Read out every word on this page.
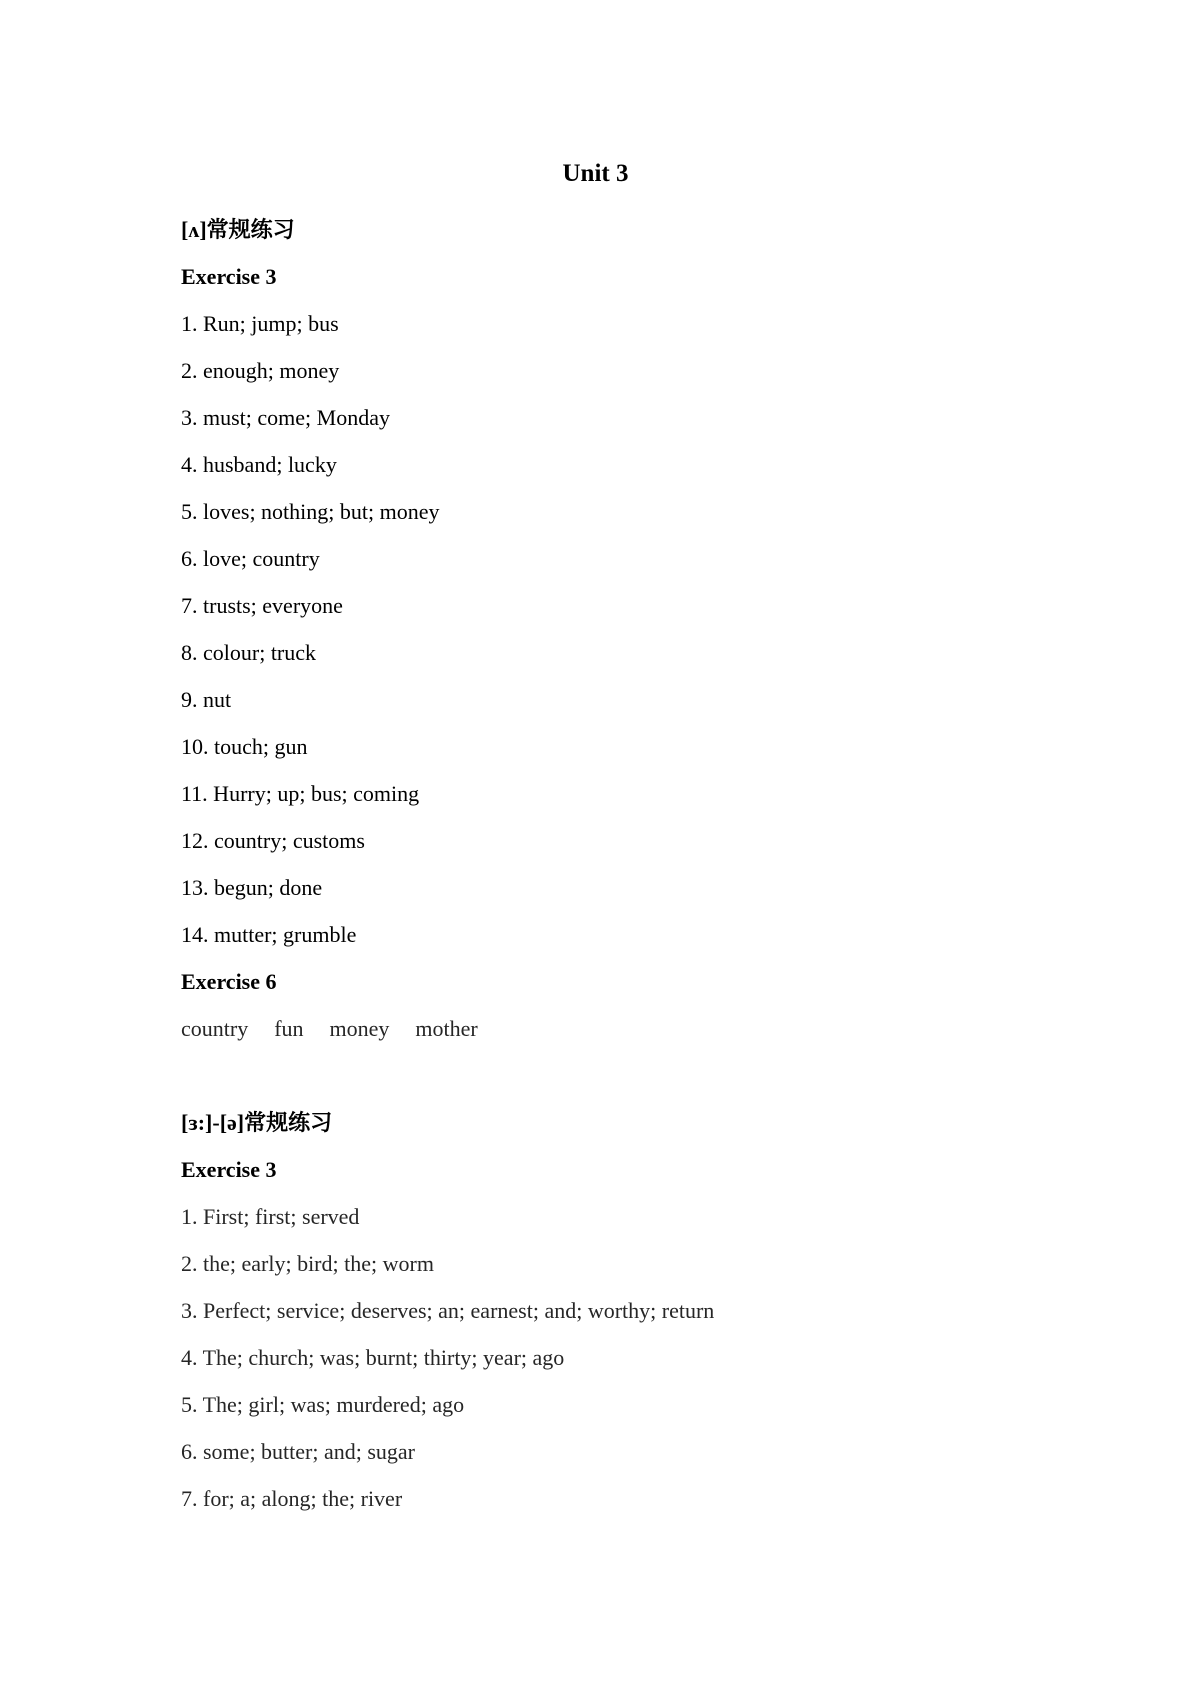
Unit 3
[ʌ]常规练习
Exercise 3
1. Run; jump; bus
2. enough; money
3. must; come; Monday
4. husband; lucky
5. loves; nothing; but; money
6. love; country
7. trusts; everyone
8. colour; truck
9. nut
10. touch; gun
11. Hurry; up; bus; coming
12. country; customs
13. begun; done
14. mutter; grumble
Exercise 6
country fun money mother
[ɜ:]-[ə]常规练习
Exercise 3
1. First; first; served
2. the; early; bird; the; worm
3. Perfect; service; deserves; an; earnest; and; worthy; return
4. The; church; was; burnt; thirty; year; ago
5. The; girl; was; murdered; ago
6. some; butter; and; sugar
7. for; a; along; the; river
